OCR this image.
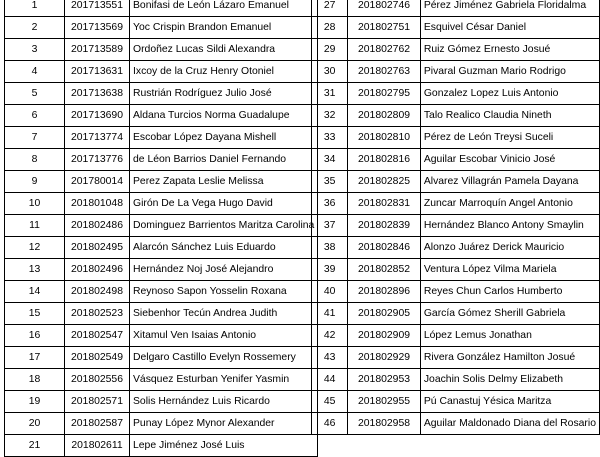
1	201713551	Bonifasi de León Lázaro Emanuel
2	201713569	Yoc Crispin Brandon Emanuel
3	201713589	Ordoñez Lucas Sildi Alexandra
4	201713631	Ixcoy de la Cruz Henry Otoniel
5	201713638	Rustrián Rodríguez Julio José
6	201713690	Aldana Turcios Norma Guadalupe
7	201713774	Escobar López Dayana Mishell
8	201713776	de Léon Barrios Daniel Fernando
9	201780014	Perez Zapata Leslie Melissa
10	201801048	Girón De La Vega Hugo David
11	201802486	Dominguez Barrientos Maritza Carolina
12	201802495	Alarcón Sánchez Luis Eduardo
13	201802496	Hernández Noj José Alejandro
14	201802498	Reynoso Sapon Yosselin Roxana
15	201802523	Siebenhor Tecún Andrea Judith
16	201802547	Xitamul Ven Isaias Antonio
17	201802549	Delgaro Castillo Evelyn Rossemery
18	201802556	Vásquez Esturban Yenifer Yasmin
19	201802571	Solis Hernández Luis Ricardo
20	201802587	Punay López Mynor Alexander
21	201802611	Lepe Jiménez José Luis
27	201802746	Pérez Jiménez Gabriela Floridalma
28	201802751	Esquivel César Daniel
29	201802762	Ruiz Gómez Ernesto Josué
30	201802763	Pivaral Guzman Mario Rodrigo
31	201802795	Gonzalez Lopez Luis Antonio
32	201802809	Talo Realico Claudia Nineth
33	201802810	Pérez de León Treysi Suceli
34	201802816	Aguilar Escobar Vinicio José
35	201802825	Alvarez Villagrán Pamela Dayana
36	201802831	Zuncar Marroquín Angel Antonio
37	201802839	Hernández Blanco Antony Smaylin
38	201802846	Alonzo Juárez Derick Mauricio
39	201802852	Ventura López Vilma Mariela
40	201802896	Reyes Chun Carlos Humberto
41	201802905	García Gómez Sherill Gabriela
42	201802909	López Lemus Jonathan
43	201802929	Rivera González Hamilton Josué
44	201802953	Joachin Solis Delmy Elizabeth
45	201802955	Pú Canastuj Yésica Maritza
46	201802958	Aguilar Maldonado Diana del Rosario
